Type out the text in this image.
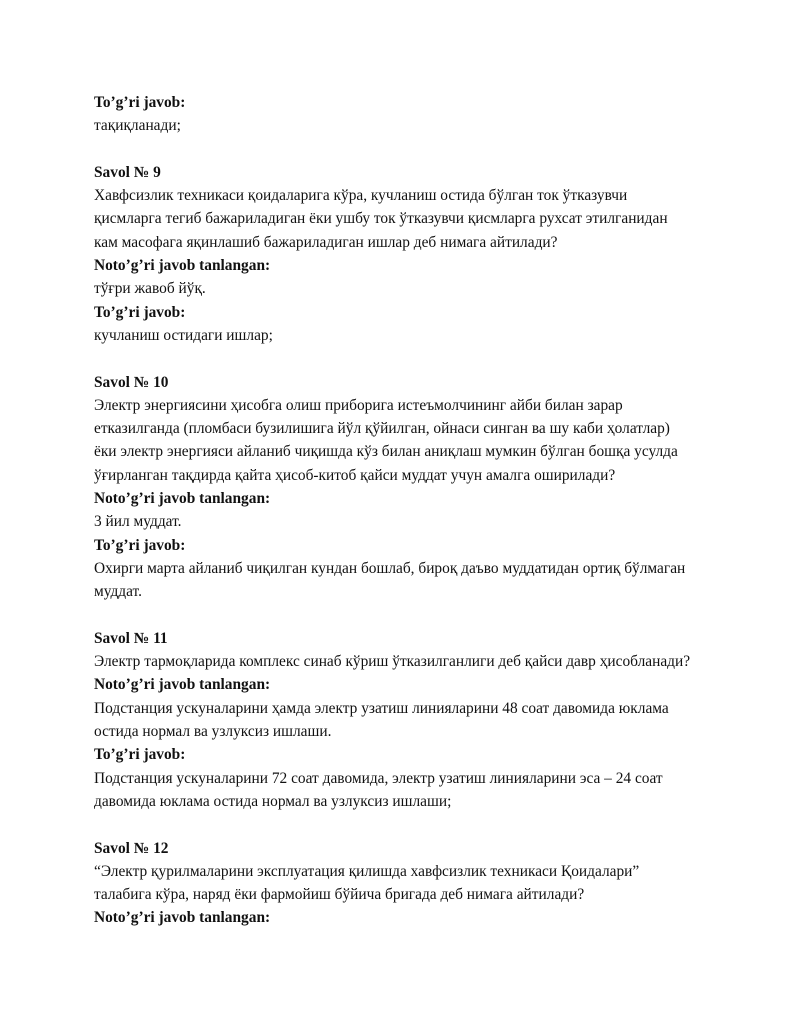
To’g’ri javob:
тақиқланади;
Savol № 9
Хавфсизлик техникаси қоидаларига кўра, кучланиш остида бўлган ток ўтказувчи
қисмларга тегиб бажариладиган ёки ушбу ток ўтказувчи қисмларга рухсат этилганидан
кам масофага яқинлашиб бажариладиган ишлар деб нимага айтилади?
Noto’g’ri javob tanlangan:
тўғри жавоб йўқ.
To’g’ri javob:
кучланиш остидаги ишлар;
Savol № 10
Электр энергиясини ҳисобга олиш приборига истеъмолчининг айби билан зарар
етказилганда (пломбаси бузилишига йўл қўйилган, ойнаси синган ва шу каби ҳолатлар)
ёки электр энергияси айланиб чиқишда кўз билан аниқлаш мумкин бўлган бошқа усулда
ўғирланган тақдирда қайта ҳисоб-китоб қайси муддат учун амалга оширилади?
Noto’g’ri javob tanlangan:
3 йил муддат.
To’g’ri javob:
Охирги марта айланиб чиқилган кундан бошлаб, бироқ даъво муддатидан ортиқ бўлмаган
муддат.
Savol № 11
Электр тармоқларида комплекс синаб кўриш ўтказилганлиги деб қайси давр ҳисобланади?
Noto’g’ri javob tanlangan:
Подстанция ускуналарини ҳамда электр узатиш линияларини 48 соат давомида юклама
остида нормал ва узлуксиз ишлаши.
To’g’ri javob:
Подстанция ускуналарини 72 соат давомида, электр узатиш линияларини эса – 24 соат
давомида юклама остида нормал ва узлуксиз ишлаши;
Savol № 12
“Электр қурилмаларини эксплуатация қилишда хавфсизлик техникаси Қоидалари”
талабига кўра, наряд ёки фармойиш бўйича бригада деб нимага айтилади?
Noto’g’ri javob tanlangan:
